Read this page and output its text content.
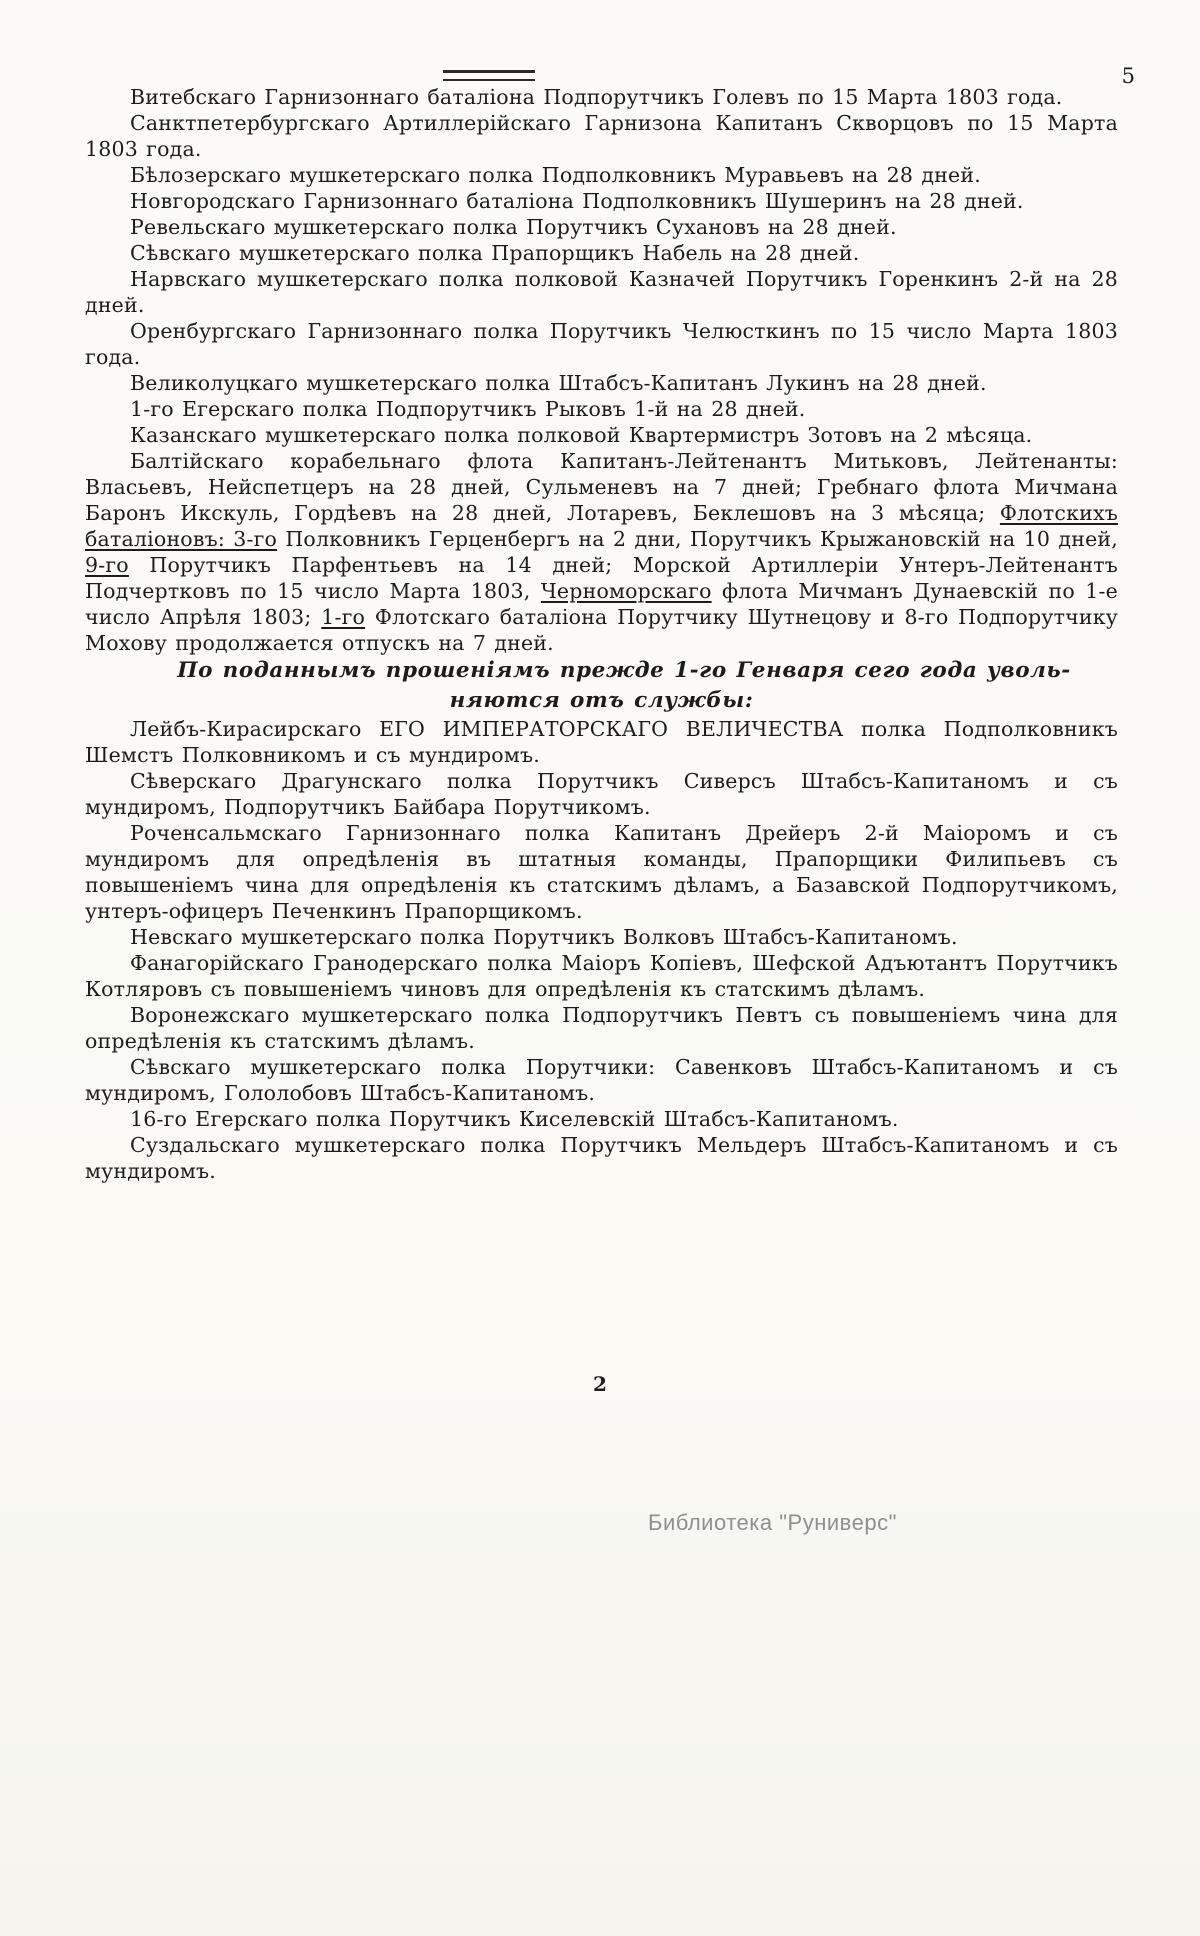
5

Витебскаго Гарнизоннаго баталіона Подпорутчикъ Голевъ по 15 Марта 1803 года.

Санктпетербургскаго Артиллерійскаго Гарнизона Капитанъ Скворцовъ по 15 Марта 1803 года.

Бѣлозерскаго мушкетерскаго полка Подполковникъ Муравьевъ на 28 дней.

Новгородскаго Гарнизоннаго баталіона Подполковникъ Шушеринъ на 28 дней.

Ревельскаго мушкетерскаго полка Порутчикъ Сухановъ на 28 дней.

Сѣвскаго мушкетерскаго полка Прапорщикъ Набель на 28 дней.

Нарвскаго мушкетерскаго полка полковой Казначей Порутчикъ Горенкинъ 2-й на 28 дней.

Оренбургскаго Гарнизоннаго полка Порутчикъ Челюсткинъ по 15 число Марта 1803 года.

Великолуцкаго мушкетерскаго полка Штабсъ-Капитанъ Лукинъ на 28 дней.

1-го Егерскаго полка Подпорутчикъ Рыковъ 1-й на 28 дней.

Казанскаго мушкетерскаго полка полковой Квартермистръ Зотовъ на 2 мѣсяца.

Балтійскаго корабельнаго флота Капитанъ-Лейтенантъ Митьковъ, Лейтенанты: Власьевъ, Нейспетцеръ на 28 дней, Сульменевъ на 7 дней; Гребнаго флота Мичмана Баронъ Икскуль, Гордѣевъ на 28 дней, Лотаревъ, Беклешовъ на 3 мѣсяца; Флотскихъ баталіоновъ: 3-го Полковникъ Герценбергъ на 2 дни, Порутчикъ Крыжановскій на 10 дней, 9-го Порутчикъ Парфентьевъ на 14 дней; Морской Артиллеріи Унтеръ-Лейтенантъ Подчертковъ по 15 число Марта 1803, Черноморскаго флота Мичманъ Дунаевскій по 1-е число Апрѣля 1803; 1-го Флотскаго баталіона Порутчику Шутнецову и 8-го Подпорутчику Мохову продолжается отпускъ на 7 дней.

По поданнымъ прошеніямъ прежде 1-го Генваря сего года уволь-
няются отъ службы:

Лейбъ-Кирасирскаго ЕГО ИМПЕРАТОРСКАГО ВЕЛИЧЕСТВА полка Подполковникъ Шемстъ Полковникомъ и съ мундиромъ.

Сѣверскаго Драгунскаго полка Порутчикъ Сиверсъ Штабсъ-Капитаномъ и съ мундиромъ, Подпорутчикъ Байбара Порутчикомъ.

Роченсальмскаго Гарнизоннаго полка Капитанъ Дрейеръ 2-й Маіоромъ и съ мундиромъ для опредѣленія въ штатныя команды, Прапорщики Филипьевъ съ повышеніемъ чина для опредѣленія къ статскимъ дѣламъ, а Базавской Подпорутчикомъ, унтеръ-офицеръ Печенкинъ Прапорщикомъ.

Невскаго мушкетерскаго полка Порутчикъ Волковъ Штабсъ-Капитаномъ.

Фанагорійскаго Гранодерскаго полка Маіоръ Копіевъ, Шефской Адъютантъ Порутчикъ Котляровъ съ повышеніемъ чиновъ для опредѣленія къ статскимъ дѣламъ.

Воронежскаго мушкетерскаго полка Подпорутчикъ Певтъ съ повышеніемъ чина для опредѣленія къ статскимъ дѣламъ.

Сѣвскаго мушкетерскаго полка Порутчики: Савенковъ Штабсъ-Капитаномъ и съ мундиромъ, Гололобовъ Штабсъ-Капитаномъ.

16-го Егерскаго полка Порутчикъ Киселевскій Штабсъ-Капитаномъ.

Суздальскаго мушкетерскаго полка Порутчикъ Мельдеръ Штабсъ-Капитаномъ и съ мундиромъ.

2
Библиотека "Руниверс"
